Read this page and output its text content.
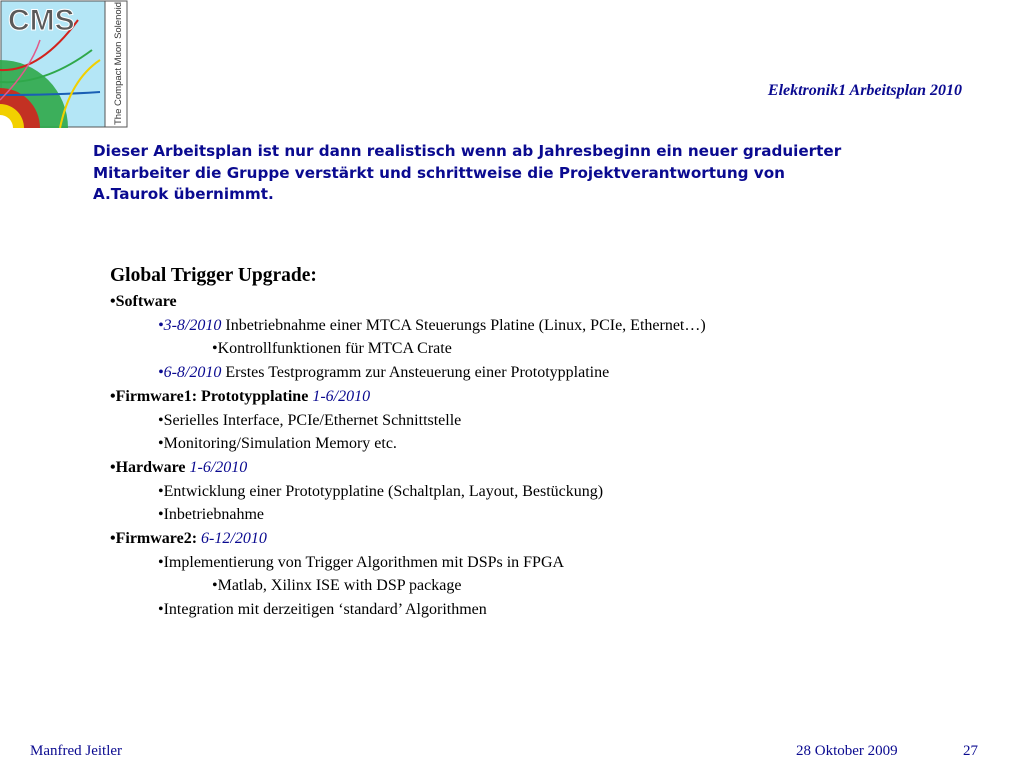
CMS	The Compact Muon Solenoid	Elektronik1 Arbeitsplan 2010
Dieser Arbeitsplan ist nur dann realistisch wenn ab Jahresbeginn ein neuer graduierter
Mitarbeiter die Gruppe verstärkt und schrittweise die Projektverantwortung von
A.Taurok übernimmt.
Global Trigger Upgrade:
•Software
•3-8/2010 Inbetriebnahme einer MTCA Steuerungs Platine (Linux, PCIe, Ethernet…)
•Kontrollfunktionen für MTCA Crate
•6-8/2010 Erstes Testprogramm zur Ansteuerung einer Prototypplatine
•Firmware1: Prototypplatine 1-6/2010
•Serielles Interface, PCIe/Ethernet Schnittstelle
•Monitoring/Simulation Memory etc.
•Hardware 1-6/2010
•Entwicklung einer Prototypplatine (Schaltplan, Layout, Bestückung)
•Inbetriebnahme
•Firmware2: 6-12/2010
•Implementierung von Trigger Algorithmen mit DSPs in FPGA
•Matlab, Xilinx ISE with DSP package
•Integration mit derzeitigen ‘standard’ Algorithmen
Manfred Jeitler	28 Oktober 2009	27
